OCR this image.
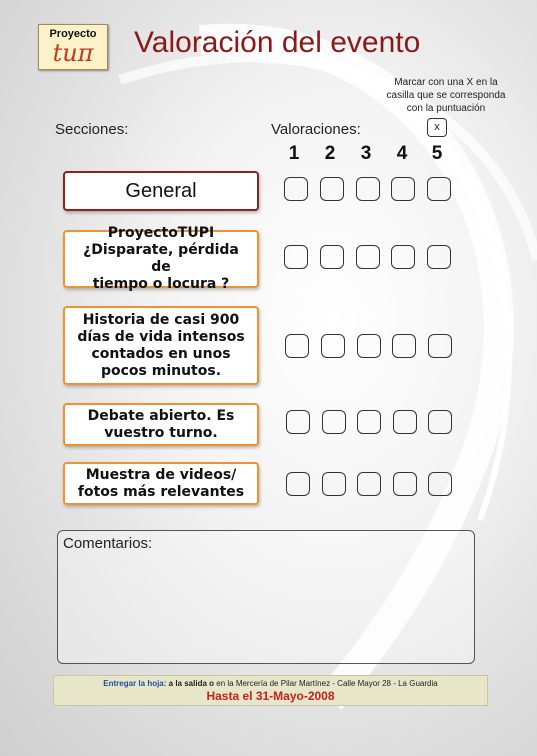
Proyecto
tuπ	Valoración del evento
Marcar con una X en la
casilla que se corresponda
con la puntuación
x
Secciones:	Valoraciones:
1 2 3 4 5
General
ProyectoTUPI
¿Disparate, pérdida de
tiempo o locura ?
Historia de casi 900
días de vida intensos
contados en unos
pocos minutos.
Debate abierto. Es
vuestro turno.
Muestra de videos/
fotos más relevantes
Comentarios:
Entregar la hoja: a la salida o en la Mercería de Pilar Martínez - Calle Mayor 28 - La Guardia
Hasta el 31-Mayo-2008
